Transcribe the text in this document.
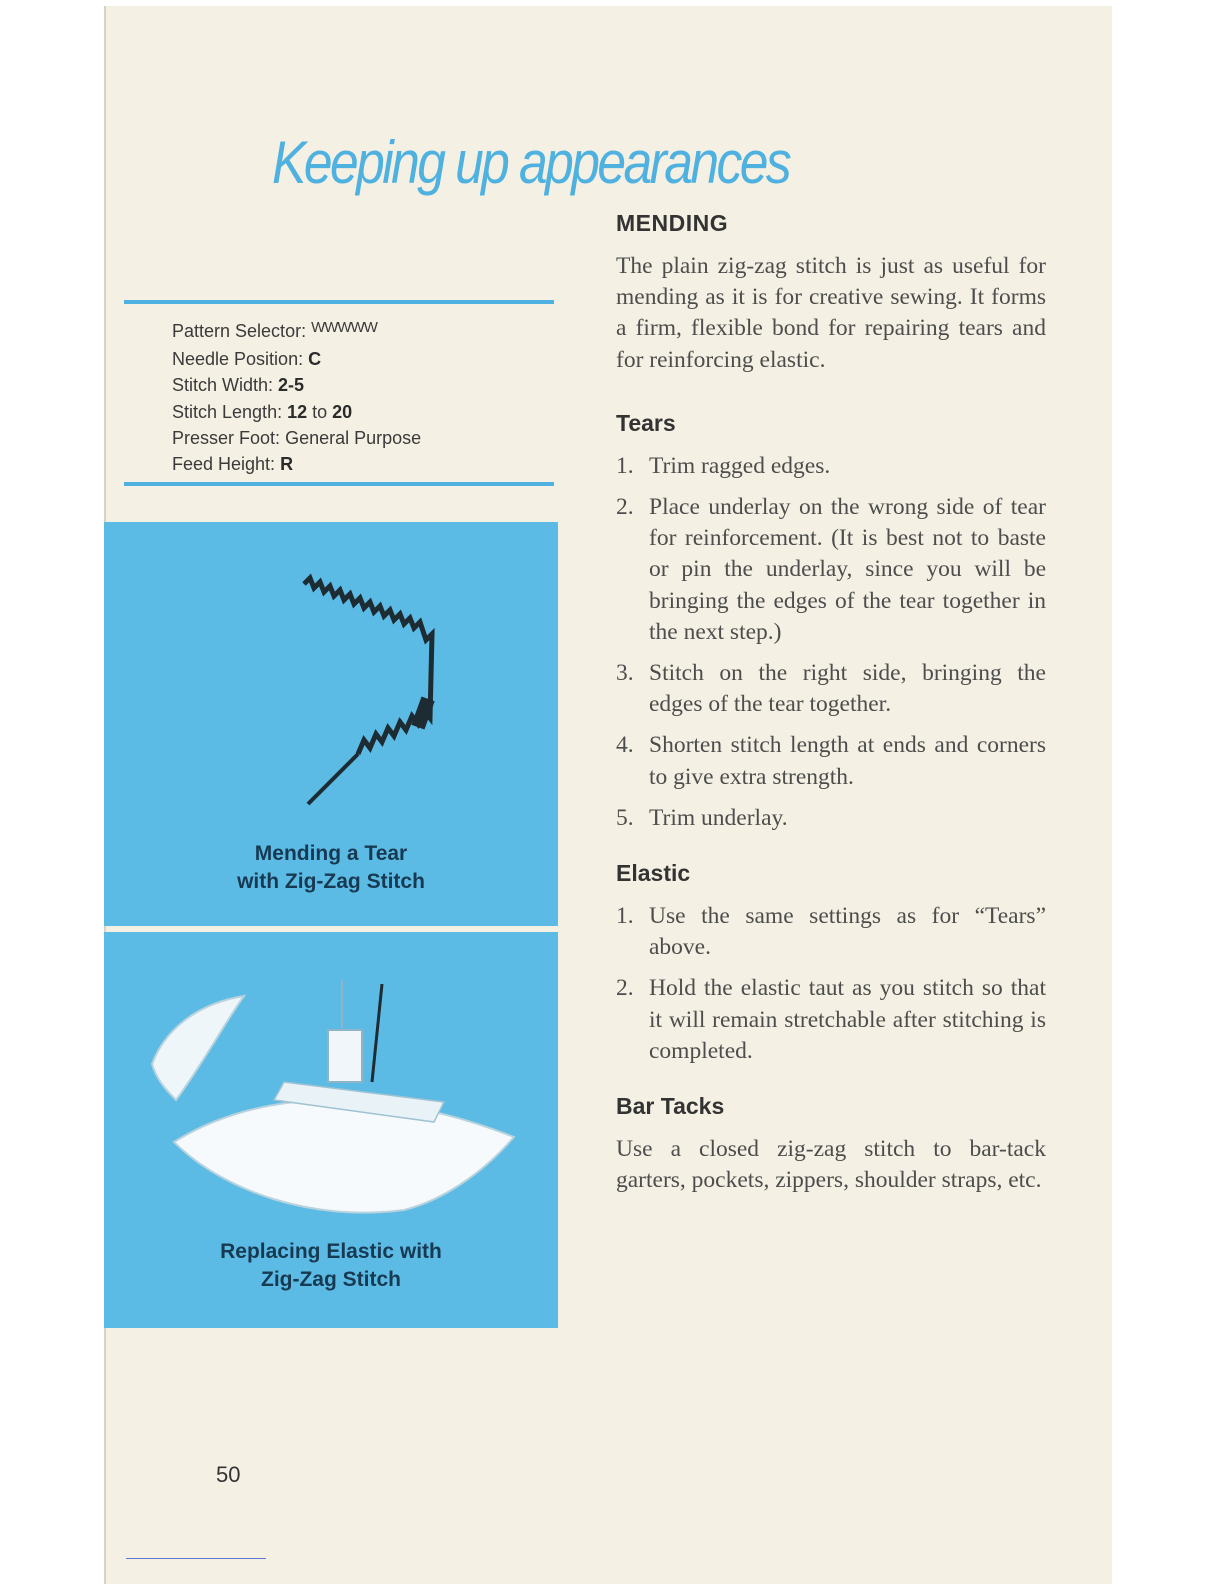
Keeping up appearances
Pattern Selector: $^{WWWWW}$
Needle Position: C
Stitch Width: 2-5
Stitch Length: 12 to 20
Presser Foot: General Purpose
Feed Height: R
Mending a Tear
with Zig-Zag Stitch
Replacing Elastic with
Zig-Zag Stitch
MENDING

The plain zig-zag stitch is just as useful for mending as it is for creative sewing. It forms a firm, flexible bond for repairing tears and for reinforcing elastic.

Tears
1. Trim ragged edges.
2. Place underlay on the wrong side of tear for reinforcement. (It is best not to baste or pin the underlay, since you will be bringing the edges of the tear together in the next step.)
3. Stitch on the right side, bringing the edges of the tear together.
4. Shorten stitch length at ends and corners to give extra strength.
5. Trim underlay.
Elastic
1. Use the same settings as for “Tears” above.
2. Hold the elastic taut as you stitch so that it will remain stretchable after stitching is completed.
Bar Tacks

Use a closed zig-zag stitch to bar-tack garters, pockets, zippers, shoulder straps, etc.

50
